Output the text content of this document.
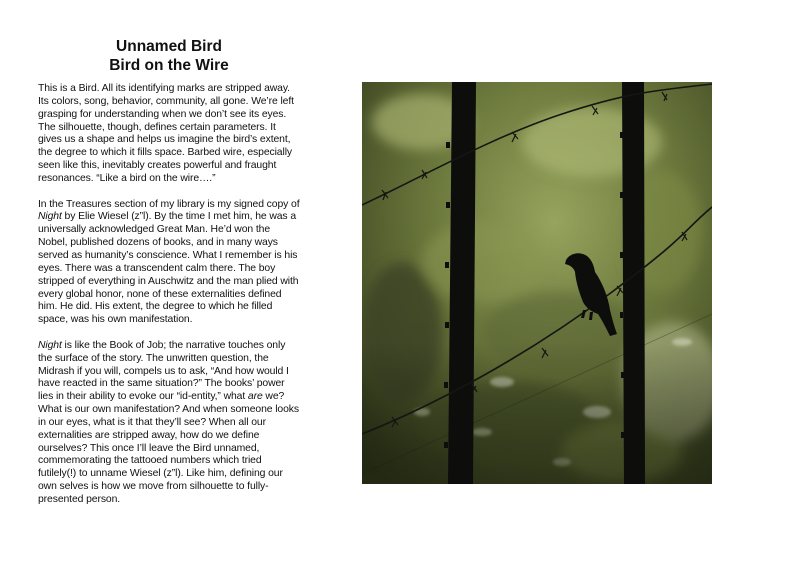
Unnamed Bird
Bird on the Wire

This is a Bird. All its identifying marks are stripped away. Its colors, song, behavior, community, all gone. We’re left grasping for understanding when we don’t see its eyes. The silhouette, though, defines certain parameters. It gives us a shape and helps us imagine the bird’s extent, the degree to which it fills space. Barbed wire, especially seen like this, inevitably creates powerful and fraught resonances. “Like a bird on the wire….”

In the Treasures section of my library is my signed copy of Night by Elie Wiesel (z”l). By the time I met him, he was a universally acknowledged Great Man. He’d won the Nobel, published dozens of books, and in many ways served as humanity’s conscience. What I remember is his eyes. There was a transcendent calm there. The boy stripped of everything in Auschwitz and the man plied with every global honor, none of these externalities defined him. He did. His extent, the degree to which he filled space, was his own manifestation.

Night is like the Book of Job; the narrative touches only the surface of the story. The unwritten question, the Midrash if you will, compels us to ask, “And how would I have reacted in the same situation?” The books’ power lies in their ability to evoke our “id-entity,” what are we? What is our own manifestation? And when someone looks in our eyes, what is it that they’ll see? When all our externalities are stripped away, how do we define ourselves? This once I’ll leave the Bird unnamed, commemorating the tattooed numbers which tried futilely(!) to unname Wiesel (z”l). Like him, defining our own selves is how we move from silhouette to fully-presented person.
